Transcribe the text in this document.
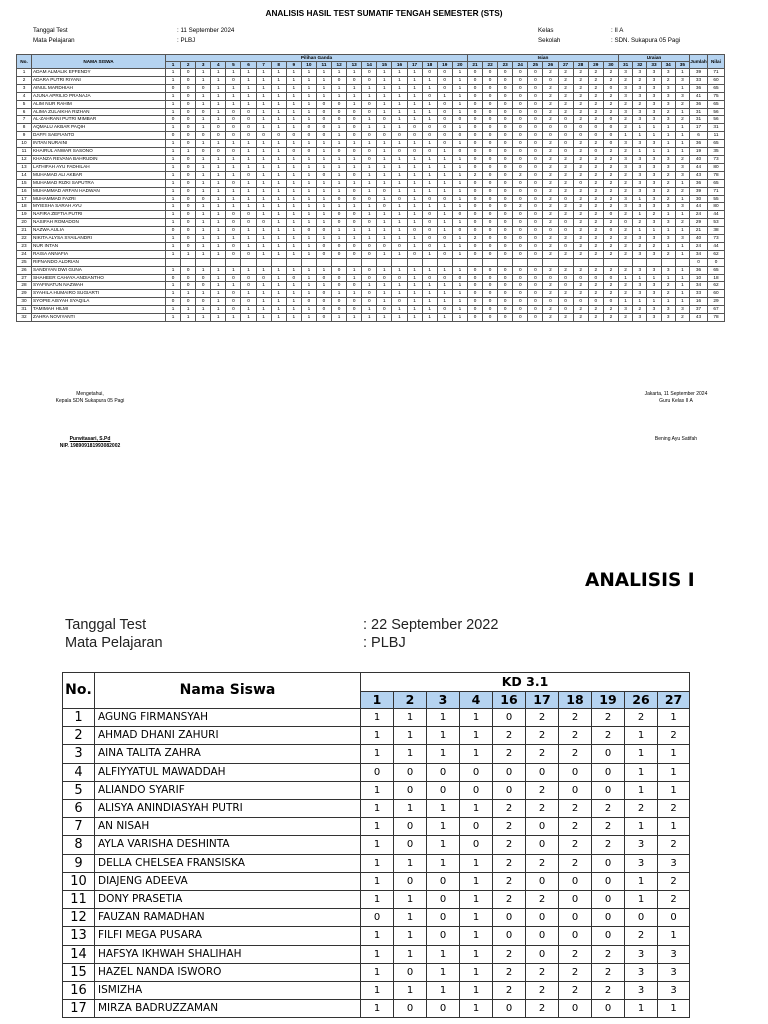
ANALISIS HASIL TEST SUMATIF TENGAH SEMESTER (STS)
Tanggal Test
Mata Pelajaran
: 11 September 2024
: PLBJ
Kelas
Sekolah
: II A
: SDN. Sukapura 05 Pagi
No.	NAMA SISWA	Pilihan Ganda																				Isian										Uraian					Jumlah	Nilai
		1	2	3	4	5	6	7	8	9	10	11	12	13	14	15	16	17	18	19	20	21	22	23	24	25	26	27	28	29	30	31	32	33	34	35		
1	ADAM ALMALIK EFFENDY	1	0	1	1	1	1	1	1	1	1	1	1	1	0	1	1	1	0	0	1	0	0	0	0	0	2	2	2	2	2	3	3	3	3	1	39	71
2	ADARA PUTRI RIYANI	1	0	1	1	0	1	1	1	1	1	1	0	0	0	1	1	1	1	0	1	0	0	0	0	0	0	2	2	2	2	2	2	3	2	3	33	60
3	AINUL MARDHIAH	0	0	0	1	1	1	1	1	1	1	1	1	1	1	1	1	1	1	0	1	0	0	0	0	0	2	2	2	2	0	3	3	3	3	1	36	65
4	AJUNA APRILIO PRANAJA	1	0	1	1	1	1	1	1	1	1	1	1	1	1	1	1	1	0	1	1	0	0	0	0	0	2	2	2	2	2	3	3	3	3	3	41	75
5	ALIM NUR RAHIM	1	0	1	1	1	1	1	1	1	1	0	0	1	0	1	1	1	1	0	1	0	0	0	0	0	2	2	2	2	2	2	2	3	3	2	36	65
6	ALIMA ZULAIKHA RIZHAN	1	0	0	1	0	0	1	1	1	1	0	0	0	0	1	1	1	1	0	1	0	0	0	0	0	2	2	2	2	2	3	3	3	2	1	31	56
7	AL-ZAHRANI PUTRI MIMBAR	0	0	1	1	0	0	1	1	1	1	0	0	0	1	0	1	1	1	0	0	0	0	0	0	0	2	0	2	2	0	2	3	3	3	2	31	56
8	AQMALU AKBAR PAQIH	1	0	1	0	0	0	1	1	1	0	0	1	0	1	1	1	0	0	0	1	0	0	0	0	0	0	0	0	0	0	2	1	1	1	1	17	31
9	DAFFI SAEFIANTO	0	0	0	0	0	0	0	0	0	0	0	1	0	0	0	0	0	0	0	0	0	0	0	0	0	0	0	0	0	0	1	1	1	1	1	6	11
10	INTAN NURAINI	1	0	1	1	1	1	1	1	1	1	1	1	1	1	1	1	1	1	0	1	0	0	0	0	0	2	0	2	2	0	3	3	3	1	1	36	65
11	KHAIRUL ANWAR SASONO	1	1	0	0	0	1	1	1	0	0	1	0	0	0	1	0	0	0	1	0	0	0	0	0	0	2	0	2	0	2	2	1	1	1	1	19	35
12	KHANZA REVANA BAHRUDIN	1	0	1	1	1	1	1	1	1	1	1	1	1	0	1	1	1	1	1	1	0	0	0	0	0	2	2	2	2	2	3	3	3	3	2	40	73
13	LATHIFAH AYU FADHILAH	1	0	1	1	1	1	1	1	1	1	1	1	1	1	1	1	1	1	1	1	0	0	0	0	0	2	2	2	2	2	3	3	3	3	3	44	80
14	MUHAMAD ALI AKBAR	1	0	1	1	1	0	1	1	1	1	0	1	0	1	1	1	1	1	1	1	2	0	0	2	0	2	2	2	2	2	2	3	3	2	3	43	78
15	MUHAMAD RIZKI SAPUTRA	1	0	1	1	0	1	1	1	1	1	1	1	1	1	1	1	1	1	1	1	0	0	0	0	0	2	2	0	2	2	2	3	3	2	1	36	65
16	MUHAMMAD ARFAN HADWAN	1	0	1	1	1	1	1	1	1	1	1	1	0	1	0	1	1	1	1	1	0	0	0	0	0	2	2	2	2	2	2	3	3	2	2	39	71
17	MUHAMMAD FAZRI	1	0	0	1	1	1	1	1	1	1	1	0	0	0	1	0	1	0	0	1	0	0	0	0	0	2	0	2	2	2	3	1	3	2	1	30	55
18	MYIESHA SARAH AYU	1	0	1	1	1	1	1	1	1	1	1	1	1	1	0	1	1	1	1	1	0	0	0	2	0	2	2	2	2	2	3	3	3	3	3	44	80
19	NAFIRA ZEFTIA PUTRI	1	0	1	1	0	0	1	1	1	1	1	0	0	1	1	1	1	0	1	0	0	0	0	0	0	2	2	2	2	0	2	1	2	1	1	24	44
20	NASIFAH ROMADON	1	0	1	1	0	0	0	1	1	1	1	0	0	0	1	1	1	0	1	1	0	0	0	0	0	2	0	2	2	2	0	2	3	3	2	29	53
21	NAZWA AULIA	0	0	1	1	0	1	1	1	1	0	0	1	1	1	1	1	0	0	1	0	0	0	0	0	0	0	0	2	2	0	2	1	1	1	1	21	38
22	NIKITA ALYSA SYAILANDRI	1	0	1	1	1	1	1	1	1	1	1	1	1	1	1	1	1	0	0	1	2	0	0	0	0	2	2	2	2	2	2	3	3	3	3	40	73
23	NUR INTAN	1	0	1	1	0	1	1	1	1	1	0	0	0	0	0	0	1	0	1	1	0	0	0	0	0	2	0	2	2	2	2	2	2	1	1	24	44
24	RAISA ANNAFIA	1	1	1	1	0	0	1	1	1	1	0	0	0	0	1	1	0	1	0	1	0	0	0	0	0	2	2	2	2	2	2	3	3	2	1	34	62
25	RIFNANDO ALDRIAN																																				0	0
26	SANDIYAN DWI GUNA	1	0	1	1	1	1	1	1	1	1	1	0	1	0	1	1	1	1	1	1	0	0	0	0	0	2	2	2	2	2	2	3	3	3	1	36	65
27	SHAHEER CAHAYA ANDIANTHO	0	0	0	1	0	0	0	1	0	1	0	0	1	0	0	0	1	0	0	0	0	0	0	0	0	0	0	0	0	0	1	1	1	1	1	10	18
28	SYAFINATUN NAZWAH	1	0	0	1	1	0	1	1	1	1	1	0	0	1	1	1	1	1	1	1	0	0	0	0	0	2	0	2	2	2	2	3	3	2	1	34	62
29	SYAHILA HUMAIRO SUGIARTI	1	1	1	1	0	1	1	1	1	1	0	1	1	0	1	1	1	1	1	1	0	0	0	0	0	2	2	2	2	2	2	3	3	2	1	33	60
30	SYOPIE AISYAH SYAQILA	0	0	0	1	0	0	1	1	1	0	0	0	0	0	1	0	1	1	1	1	0	0	0	0	0	0	0	0	0	0	1	1	1	1	1	16	29
31	TAMIMAH HILMI	1	1	1	1	0	1	1	1	1	1	0	0	0	1	0	1	1	1	0	1	0	0	0	0	0	2	0	2	2	2	3	2	3	3	3	37	67
32	ZAHRA NOVIYANTI	1	1	1	1	1	1	1	1	1	1	0	1	1	1	1	1	1	1	1	1	0	0	0	0	0	2	2	2	2	2	2	3	3	3	2	43	78
Mengetahui,
Kepala SDN Sukapura 05 Pagi
Purwitasari, S.Pd
NIP. 198909181993082002
Jakarta, 11 September 2024
Guru Kelas II A
Bening Ayu Satifah
ANALISIS I
Tanggal Test
Mata Pelajaran
: 22 September 2022
: PLBJ
No.	Nama Siswa	KD 3.1									
		1	2	3	4	16	17	18	19	26	27
1	AGUNG FIRMANSYAH	1	1	1	1	0	2	2	2	2	1
2	AHMAD DHANI ZAHURI	1	1	1	1	2	2	2	2	1	2
3	AINA TALITA ZAHRA	1	1	1	1	2	2	2	0	1	1
4	ALFIYYATUL MAWADDAH	0	0	0	0	0	0	0	0	1	1
5	ALIANDO SYARIF	1	0	0	0	0	2	0	0	1	1
6	ALISYA ANINDIASYAH PUTRI	1	1	1	1	2	2	2	2	2	2
7	AN NISAH	1	0	1	0	2	0	2	2	1	1
8	AYLA VARISHA DESHINTA	1	0	1	0	2	0	2	2	3	2
9	DELLA CHELSEA FRANSISKA	1	1	1	1	2	2	2	0	3	3
10	DIAJENG ADEEVA	1	0	0	1	2	0	0	0	1	2
11	DONY PRASETIA	1	1	0	1	2	2	0	0	1	2
12	FAUZAN RAMADHAN	0	1	0	1	0	0	0	0	0	0
13	FILFI MEGA PUSARA	1	1	0	1	0	0	0	0	2	1
14	HAFSYA IKHWAH SHALIHAH	1	1	1	1	2	0	2	2	3	3
15	HAZEL NANDA ISWORO	1	0	1	1	2	2	2	2	3	3
16	ISMIZHA	1	1	1	1	2	2	2	2	3	3
17	MIRZA BADRUZZAMAN	1	0	0	1	0	2	0	0	1	1
